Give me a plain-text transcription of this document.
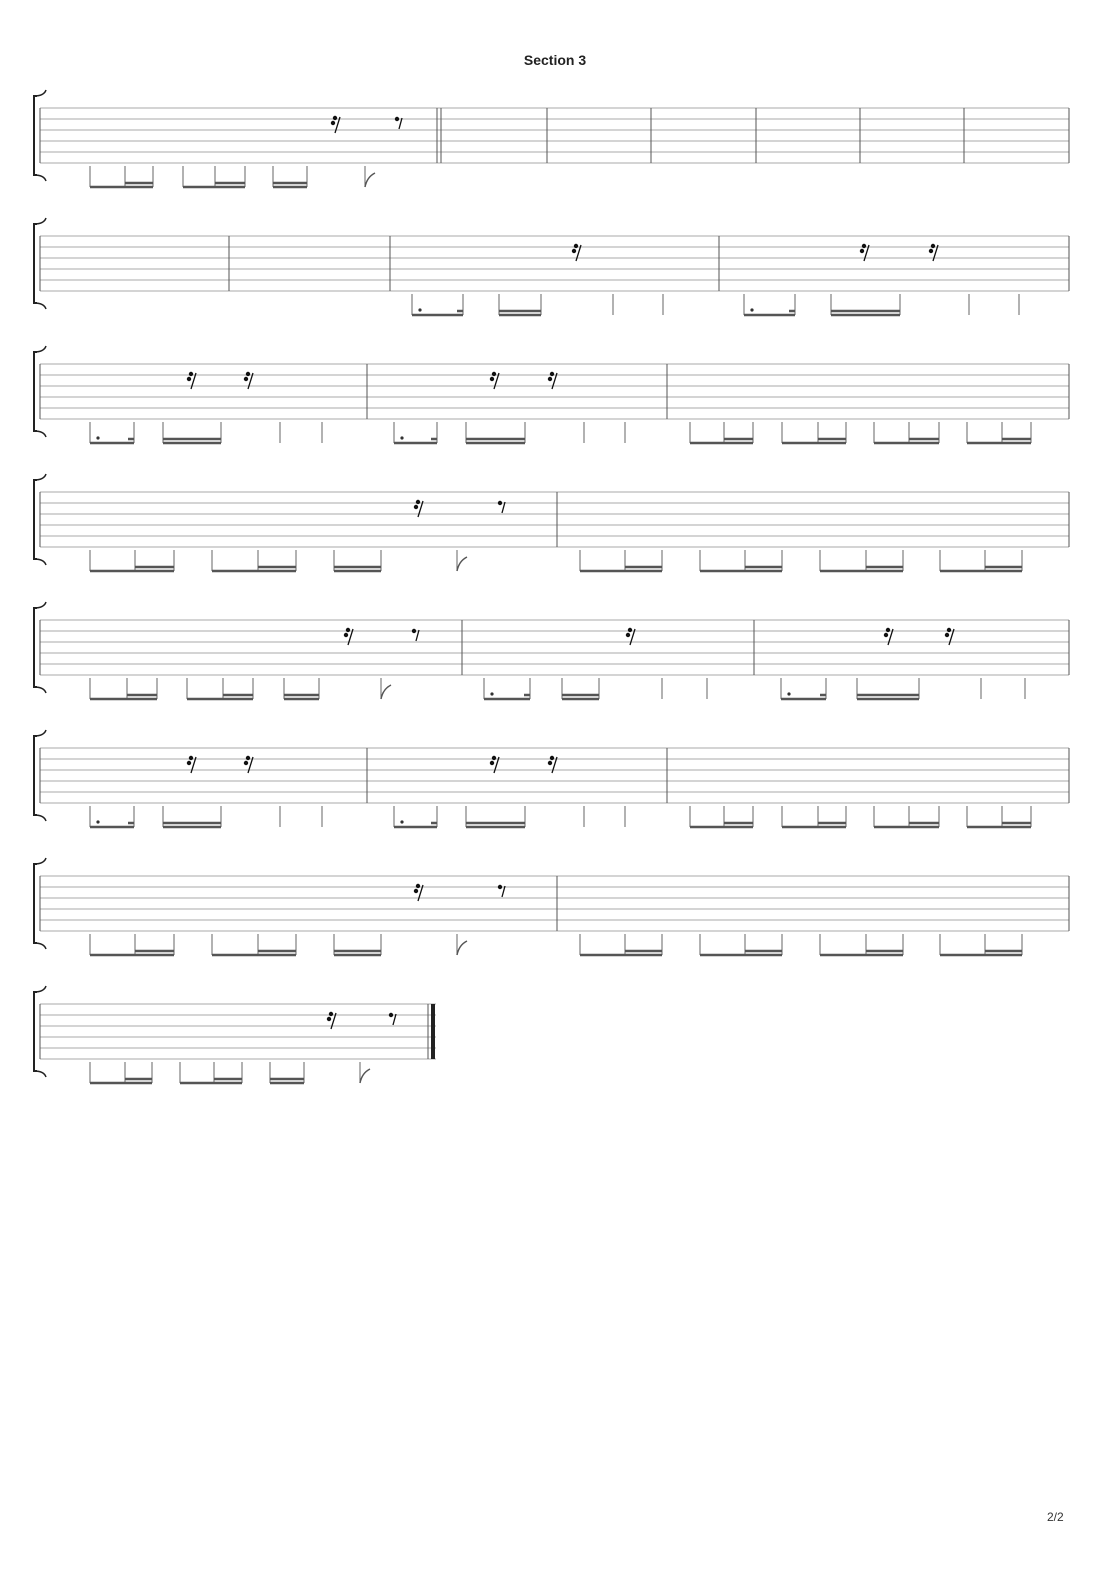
Section 3
2/2
